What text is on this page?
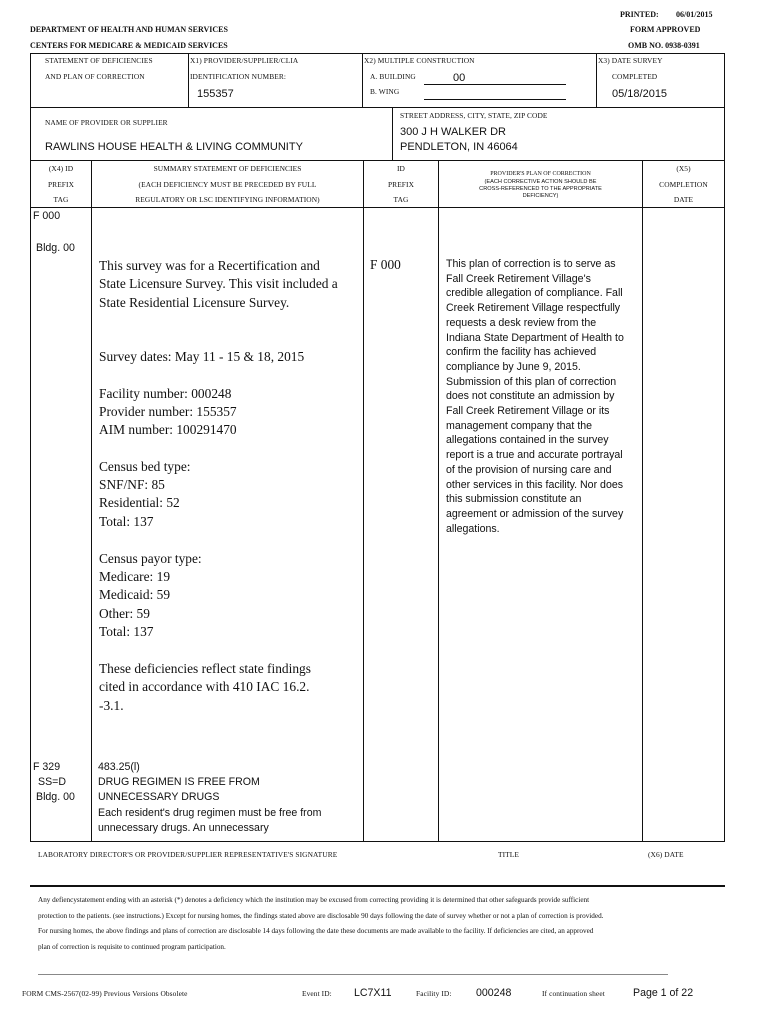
PRINTED: 06/01/2015
DEPARTMENT OF HEALTH AND HUMAN SERVICES	FORM APPROVED
CENTERS FOR MEDICARE & MEDICAID SERVICES	OMB NO. 0938-0391
STATEMENT OF DEFICIENCIES
AND PLAN OF CORRECTION
X1) PROVIDER/SUPPLIER/CLIA
IDENTIFICATION NUMBER:
155357
X2) MULTIPLE CONSTRUCTION
A. BUILDING	00
B. WING
X3) DATE SURVEY
COMPLETED
05/18/2015
NAME OF PROVIDER OR SUPPLIER
RAWLINS HOUSE HEALTH & LIVING COMMUNITY
STREET ADDRESS, CITY, STATE, ZIP CODE
300 J H WALKER DR
PENDLETON, IN 46064
(X4) ID
PREFIX
TAG
SUMMARY STATEMENT OF DEFICIENCIES
(EACH DEFICIENCY MUST BE PRECEDED BY FULL
REGULATORY OR LSC IDENTIFYING INFORMATION)
ID
PREFIX
TAG
PROVIDER'S PLAN OF CORRECTION
(EACH CORRECTIVE ACTION SHOULD BE
CROSS-REFERENCED TO THE APPROPRIATE
DEFICIENCY)
(X5)
COMPLETION
DATE
F 000
Bldg. 00
This survey was for a Recertification and State Licensure Survey. This visit included a State Residential Licensure Survey.
Survey dates: May 11 - 15 & 18, 2015
Facility number: 000248
Provider number: 155357
AIM number: 100291470
Census bed type:
SNF/NF: 85
Residential: 52
Total: 137
Census payor type:
Medicare: 19
Medicaid: 59
Other: 59
Total: 137
These deficiencies reflect state findings cited in accordance with 410 IAC 16.2. -3.1.
F 000	This plan of correction is to serve as Fall Creek Retirement Village's credible allegation of compliance. Fall Creek Retirement Village respectfully requests a desk review from the Indiana State Department of Health to confirm the facility has achieved compliance by June 9, 2015. Submission of this plan of correction does not constitute an admission by Fall Creek Retirement Village or its management company that the allegations contained in the survey report is a true and accurate portrayal of the provision of nursing care and other services in this facility. Nor does this submission constitute an agreement or admission of the survey allegations.
F 329
SS=D
Bldg. 00
483.25(l)
DRUG REGIMEN IS FREE FROM
UNNECESSARY DRUGS
Each resident's drug regimen must be free from unnecessary drugs. An unnecessary
LABORATORY DIRECTOR'S OR PROVIDER/SUPPLIER REPRESENTATIVE'S SIGNATURE	TITLE	(X6) DATE
Any defiencystatement ending with an asterisk (*) denotes a deficiency which the institution may be excused from correcting providing it is determined that other safeguards provide sufficient protection to the patients. (see instructions.) Except for nursing homes, the findings stated above are disclosable 90 days following the date of survey whether or not a plan of correction is provided. For nursing homes, the above findings and plans of correction are disclosable 14 days following the date these documents are made available to the facility. If deficiencies are cited, an approved plan of correction is requisite to continued program participation.
FORM CMS-2567(02-99) Previous Versions Obsolete	Event ID: LC7X11	Facility ID: 000248	If continuation sheet	Page 1 of 22
